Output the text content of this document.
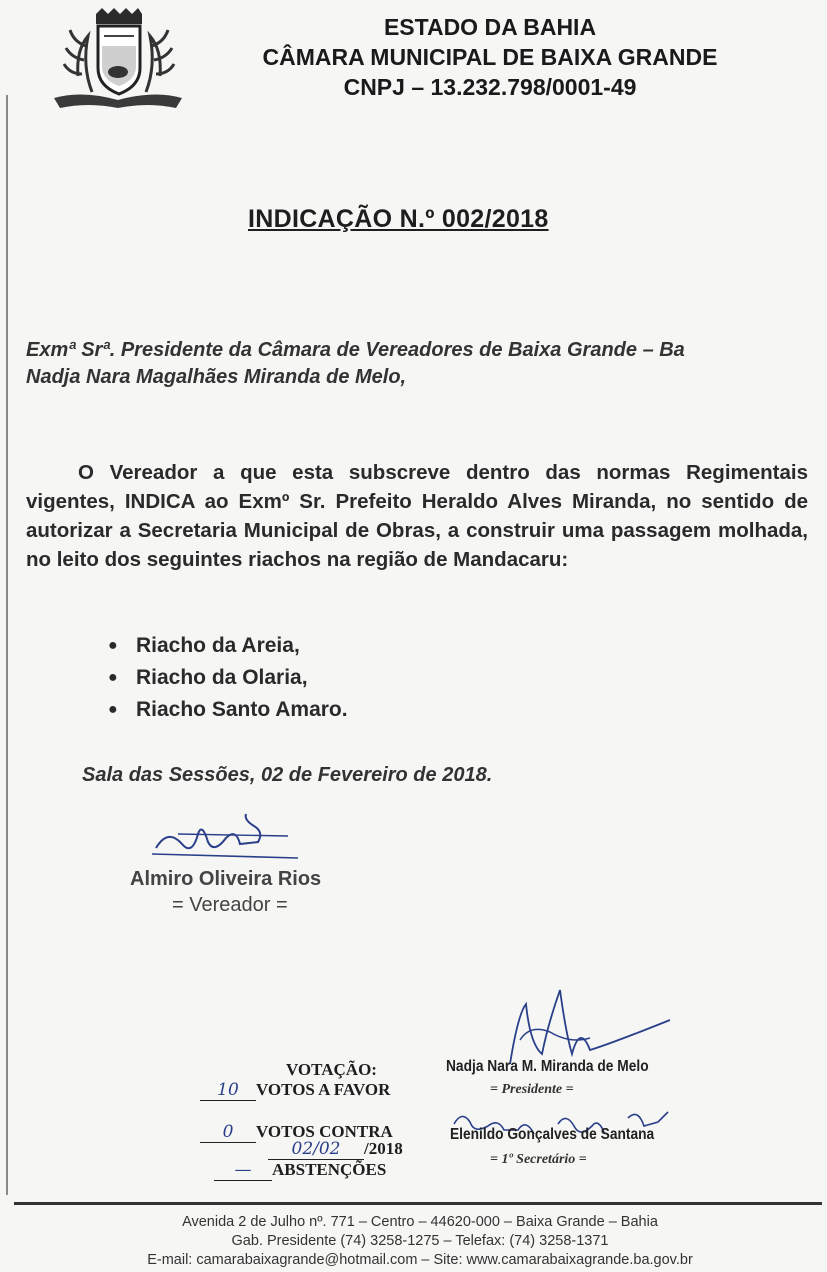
ESTADO DA BAHIA
CÂMARA MUNICIPAL DE BAIXA GRANDE
CNPJ – 13.232.798/0001-49
INDICAÇÃO N.º 002/2018
Exmª Srª. Presidente da Câmara de Vereadores de Baixa Grande – Ba
Nadja Nara Magalhães Miranda de Melo,
O Vereador a que esta subscreve dentro das normas Regimentais vigentes, INDICA ao Exmº Sr. Prefeito Heraldo Alves Miranda, no sentido de autorizar a Secretaria Municipal de Obras, a construir uma passagem molhada, no leito dos seguintes riachos na região de Mandacaru:
● Riacho da Areia,
● Riacho da Olaria,
● Riacho Santo Amaro.
Sala das Sessões, 02 de Fevereiro de 2018.
Almiro Oliveira Rios
= Vereador =
VOTAÇÃO:
10 VOTOS A FAVOR
0 VOTOS CONTRA
02/02 /2018
— ABSTENÇÕES
Nadja Nara M. Miranda de Melo
= Presidente =
Elenildo Gonçalves de Santana
= 1º Secretário =
Avenida 2 de Julho nº. 771 – Centro – 44620-000 – Baixa Grande – Bahia
Gab. Presidente (74) 3258-1275 – Telefax: (74) 3258-1371
E-mail: camarabaixagrande@hotmail.com – Site: www.camarabaixagrande.ba.gov.br
